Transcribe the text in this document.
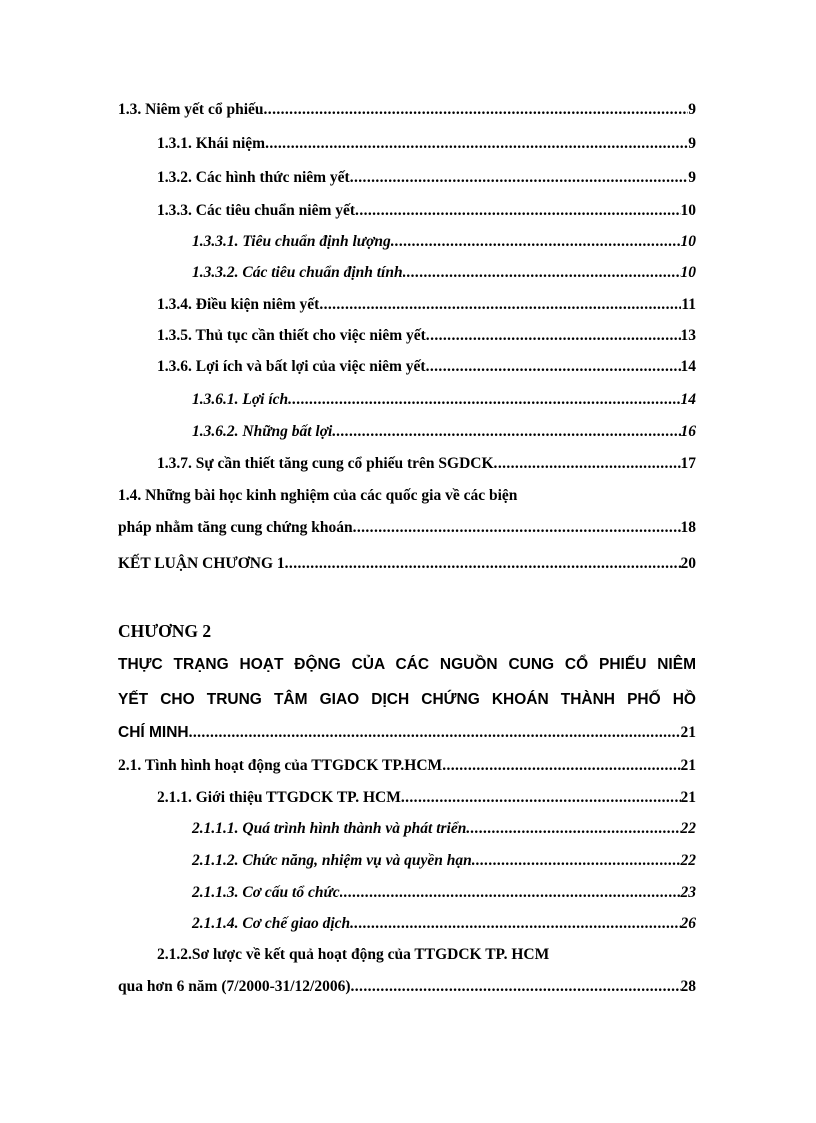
1.3. Niêm yết cổ phiếu .....	9
1.3.1. Khái niệm .....	9
1.3.2. Các hình thức niêm yết .....	9
1.3.3. Các tiêu chuẩn niêm yết .....	10
1.3.3.1. Tiêu chuẩn định lượng .....	10
1.3.3.2. Các tiêu chuẩn định tính .....	10
1.3.4. Điều kiện niêm yết .....	11
1.3.5. Thủ tục cần thiết cho việc niêm yết .....	13
1.3.6. Lợi ích và bất lợi của việc niêm yết .....	14
1.3.6.1. Lợi ích .....	14
1.3.6.2. Những bất lợi .....	16
1.3.7. Sự cần thiết tăng cung cổ phiếu trên SGDCK .....	17
1.4. Những bài học kinh nghiệm của các quốc gia về các biện
pháp nhằm tăng cung chứng khoán .....	18
KẾT LUẬN CHƯƠNG 1 .....	20
CHƯƠNG 2
THỰC TRẠNG HOẠT ĐỘNG CỦA CÁC NGUỒN CUNG CỔ PHIẾU NIÊM
YẾT CHO TRUNG TÂM GIAO DỊCH CHỨNG KHOÁN THÀNH PHỐ HỒ
CHÍ MINH .....	21
2.1. Tình hình hoạt động của TTGDCK TP.HCM .....	21
2.1.1. Giới thiệu TTGDCK TP. HCM .....	21
2.1.1.1. Quá trình hình thành và phát triển .....	22
2.1.1.2. Chức năng, nhiệm vụ và quyền hạn .....	22
2.1.1.3. Cơ cấu tổ chức .....	23
2.1.1.4. Cơ chế giao dịch .....	26
2.1.2.Sơ lược về kết quả hoạt động của TTGDCK TP. HCM
qua hơn 6 năm (7/2000-31/12/2006) .....	28
